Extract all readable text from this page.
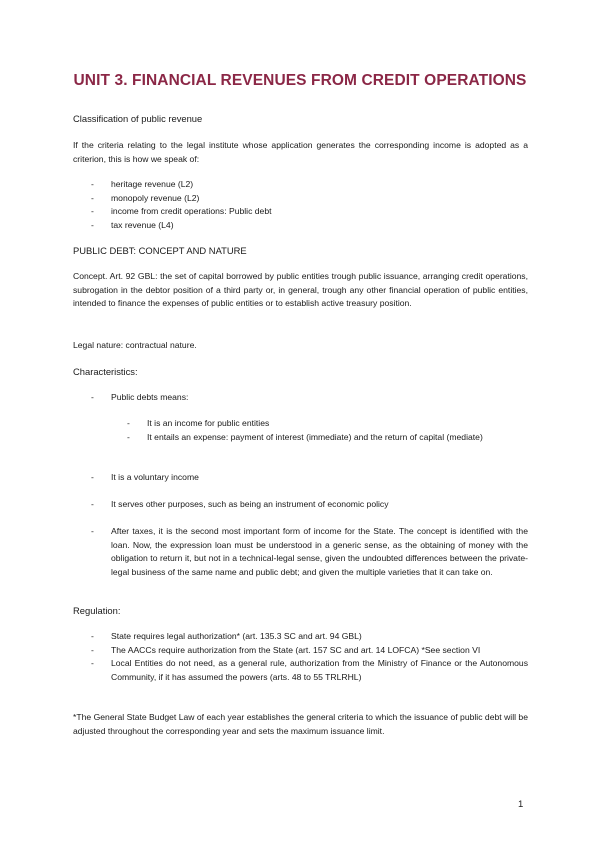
UNIT 3. FINANCIAL REVENUES FROM CREDIT OPERATIONS
Classification of public revenue
If the criteria relating to the legal institute whose application generates the corresponding income is adopted as a criterion, this is how we speak of:
- heritage revenue (L2)
- monopoly revenue (L2)
- income from credit operations: Public debt
- tax revenue (L4)
PUBLIC DEBT: CONCEPT AND NATURE
Concept. Art. 92 GBL: the set of capital borrowed by public entities trough public issuance, arranging credit operations, subrogation in the debtor position of a third party or, in general, trough any other financial operation of public entities, intended to finance the expenses of public entities or to establish active treasury position.
Legal nature: contractual nature.
Characteristics:
- Public debts means:
- It is an income for public entities
- It entails an expense: payment of interest (immediate) and the return of capital (mediate)
- It is a voluntary income
- It serves other purposes, such as being an instrument of economic policy
- After taxes, it is the second most important form of income for the State. The concept is identified with the loan. Now, the expression loan must be understood in a generic sense, as the obtaining of money with the obligation to return it, but not in a technical-legal sense, given the undoubted differences between the private-legal business of the same name and public debt; and given the multiple varieties that it can take on.
Regulation:
- State requires legal authorization* (art. 135.3 SC and art. 94 GBL)
- The AACCs require authorization from the State (art. 157 SC and art. 14 LOFCA) *See section VI
- Local Entities do not need, as a general rule, authorization from the Ministry of Finance or the Autonomous Community, if it has assumed the powers (arts. 48 to 55 TRLRHL)
*The General State Budget Law of each year establishes the general criteria to which the issuance of public debt will be adjusted throughout the corresponding year and sets the maximum issuance limit.
1
